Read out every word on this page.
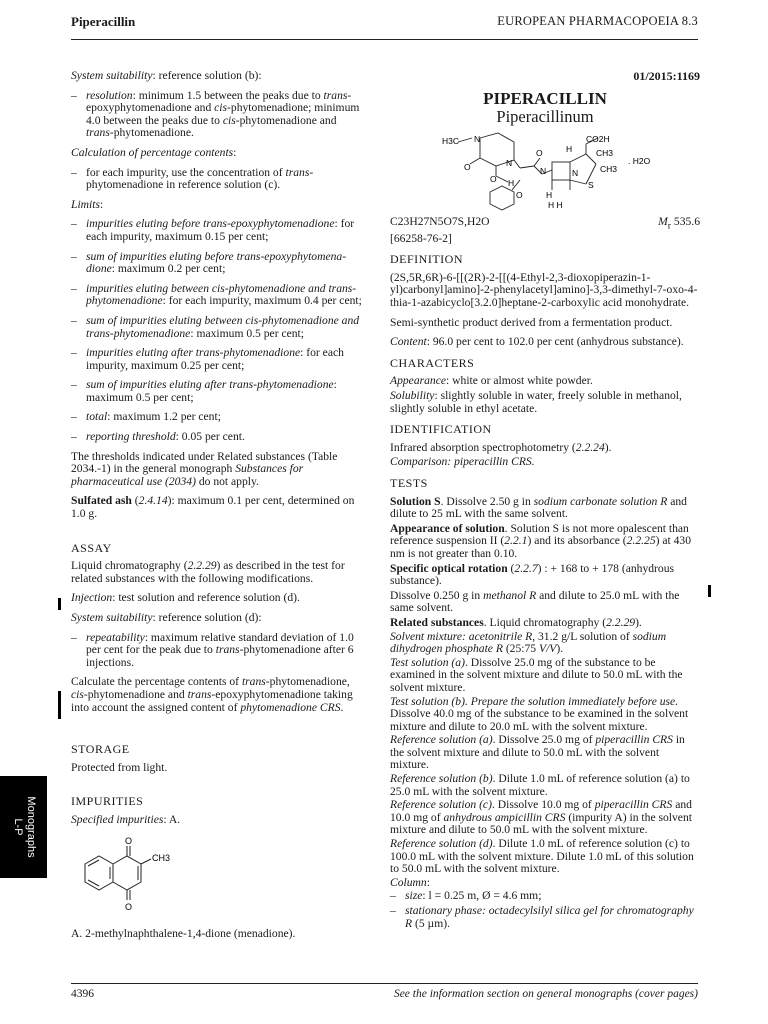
Piperacillin	EUROPEAN PHARMACOPOEIA 8.3

System suitability: reference solution (b):

– resolution: minimum 1.5 between the peaks due to trans-epoxyphytomenadione and cis-phytomenadione; minimum 4.0 between the peaks due to cis-phytomenadione and trans-phytomenadione.

Calculation of percentage contents:

– for each impurity, use the concentration of trans-phytomenadione in reference solution (c).

Limits:

– impurities eluting before trans-epoxyphytomenadione: for each impurity, maximum 0.15 per cent;
– sum of impurities eluting before trans-epoxyphytomena-dione: maximum 0.2 per cent;
– impurities eluting between cis-phytomenadione and trans-phytomenadione: for each impurity, maximum 0.4 per cent;
– sum of impurities eluting between cis-phytomenadione and trans-phytomenadione: maximum 0.5 per cent;
– impurities eluting after trans-phytomenadione: for each impurity, maximum 0.25 per cent;
– sum of impurities eluting after trans-phytomenadione: maximum 0.5 per cent;
– total: maximum 1.2 per cent;
– reporting threshold: 0.05 per cent.

The thresholds indicated under Related substances (Table 2034.-1) in the general monograph Substances for pharmaceutical use (2034) do not apply.

Sulfated ash (2.4.14): maximum 0.1 per cent, determined on 1.0 g.

ASSAY

Liquid chromatography (2.2.29) as described in the test for related substances with the following modifications.

Injection: test solution and reference solution (d).

System suitability: reference solution (d):

– repeatability: maximum relative standard deviation of 1.0 per cent for the peak due to trans-phytomenadione after 6 injections.

Calculate the percentage contents of trans-phytomenadione, cis-phytomenadione and trans-epoxyphytomenadione taking into account the assigned content of phytomenadione CRS.

STORAGE

Protected from light.

IMPURITIES

Specified impurities: A.

O
O
CH3

A. 2-methylnaphthalene-1,4-dione (menadione).

01/2015:1169
PIPERACILLIN
Piperacillinum
H3C N
O	N
O H
O	H
CO2H
H
N	N
S
CH3
CH3
H H
. H2O
O
C23H27N5O7S,H2O	$M_r$ 535.6

[66258-76-2]

DEFINITION

(2S,5R,6R)-6-[[(2R)-2-[[(4-Ethyl-2,3-dioxopiperazin-1-yl)carbonyl]amino]-2-phenylacetyl]amino]-3,3-dimethyl-7-oxo-4-thia-1-azabicyclo[3.2.0]heptane-2-carboxylic acid monohydrate.

Semi-synthetic product derived from a fermentation product.

Content: 96.0 per cent to 102.0 per cent (anhydrous substance).

CHARACTERS

Appearance: white or almost white powder.

Solubility: slightly soluble in water, freely soluble in methanol, slightly soluble in ethyl acetate.

IDENTIFICATION

Infrared absorption spectrophotometry (2.2.24).

Comparison: piperacillin CRS.

TESTS

Solution S. Dissolve 2.50 g in sodium carbonate solution R and dilute to 25 mL with the same solvent.

Appearance of solution. Solution S is not more opalescent than reference suspension II (2.2.1) and its absorbance (2.2.25) at 430 nm is not greater than 0.10.

Specific optical rotation (2.2.7) : + 168 to + 178 (anhydrous substance).

Dissolve 0.250 g in methanol R and dilute to 25.0 mL with the same solvent.

Related substances. Liquid chromatography (2.2.29).

Solvent mixture: acetonitrile R, 31.2 g/L solution of sodium dihydrogen phosphate R (25:75 V/V).

Test solution (a). Dissolve 25.0 mg of the substance to be examined in the solvent mixture and dilute to 50.0 mL with the solvent mixture.

Test solution (b). Prepare the solution immediately before use. Dissolve 40.0 mg of the substance to be examined in the solvent mixture and dilute to 20.0 mL with the solvent mixture.

Reference solution (a). Dissolve 25.0 mg of piperacillin CRS in the solvent mixture and dilute to 50.0 mL with the solvent mixture.

Reference solution (b). Dilute 1.0 mL of reference solution (a) to 25.0 mL with the solvent mixture.

Reference solution (c). Dissolve 10.0 mg of piperacillin CRS and 10.0 mg of anhydrous ampicillin CRS (impurity A) in the solvent mixture and dilute to 50.0 mL with the solvent mixture.

Reference solution (d). Dilute 1.0 mL of reference solution (c) to 100.0 mL with the solvent mixture. Dilute 1.0 mL of this solution to 50.0 mL with the solvent mixture.

Column:

– size: l = 0.25 m, Ø = 4.6 mm;
– stationary phase: octadecylsilyl silica gel for chromatography R (5 µm).
Monographs
L-P
4396	See the information section on general monographs (cover pages)
